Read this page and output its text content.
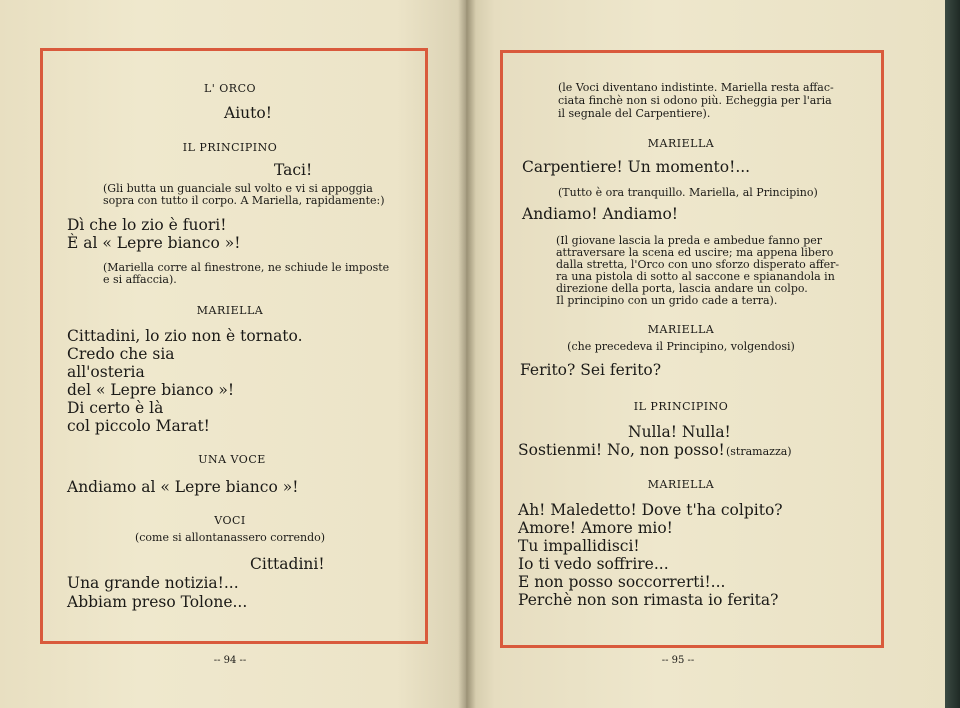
L' ORCO
Aiuto!
IL PRINCIPINO
Taci!
(Gli butta un guanciale sul volto e vi si appoggia
sopra con tutto il corpo. A Mariella, rapidamente:)
Dì che lo zio è fuori!
È al « Lepre bianco »!
(Mariella corre al finestrone, ne schiude le imposte
e si affaccia).
MARIELLA
Cittadini, lo zio non è tornato.
Credo che sia
all'osteria
del « Lepre bianco »!
Di certo è là
col piccolo Marat!
UNA VOCE
Andiamo al « Lepre bianco »!
VOCI
(come si allontanassero correndo)
Cittadini!
Una grande notizia!...
Abbiam preso Tolone...
-- 94 --
(le Voci diventano indistinte. Mariella resta affac-
ciata finchè non si odono più. Echeggia per l'aria
il segnale del Carpentiere).
MARIELLA
Carpentiere! Un momento!...
(Tutto è ora tranquillo. Mariella, al Principino)
Andiamo! Andiamo!
(Il giovane lascia la preda e ambedue fanno per
attraversare la scena ed uscire; ma appena libero
dalla stretta, l'Orco con uno sforzo disperato affer-
ra una pistola di sotto al saccone e spianandola in
direzione della porta, lascia andare un colpo.
Il principino con un grido cade a terra).
MARIELLA
(che precedeva il Principino, volgendosi)
Ferito? Sei ferito?
IL PRINCIPINO
Nulla! Nulla!
Sostienmi! No, non posso! (stramazza)
MARIELLA
Ah! Maledetto! Dove t'ha colpito?
Amore! Amore mio!
Tu impallidisci!
Io ti vedo soffrire...
E non posso soccorrerti!...
Perchè non son rimasta io ferita?
-- 95 --
